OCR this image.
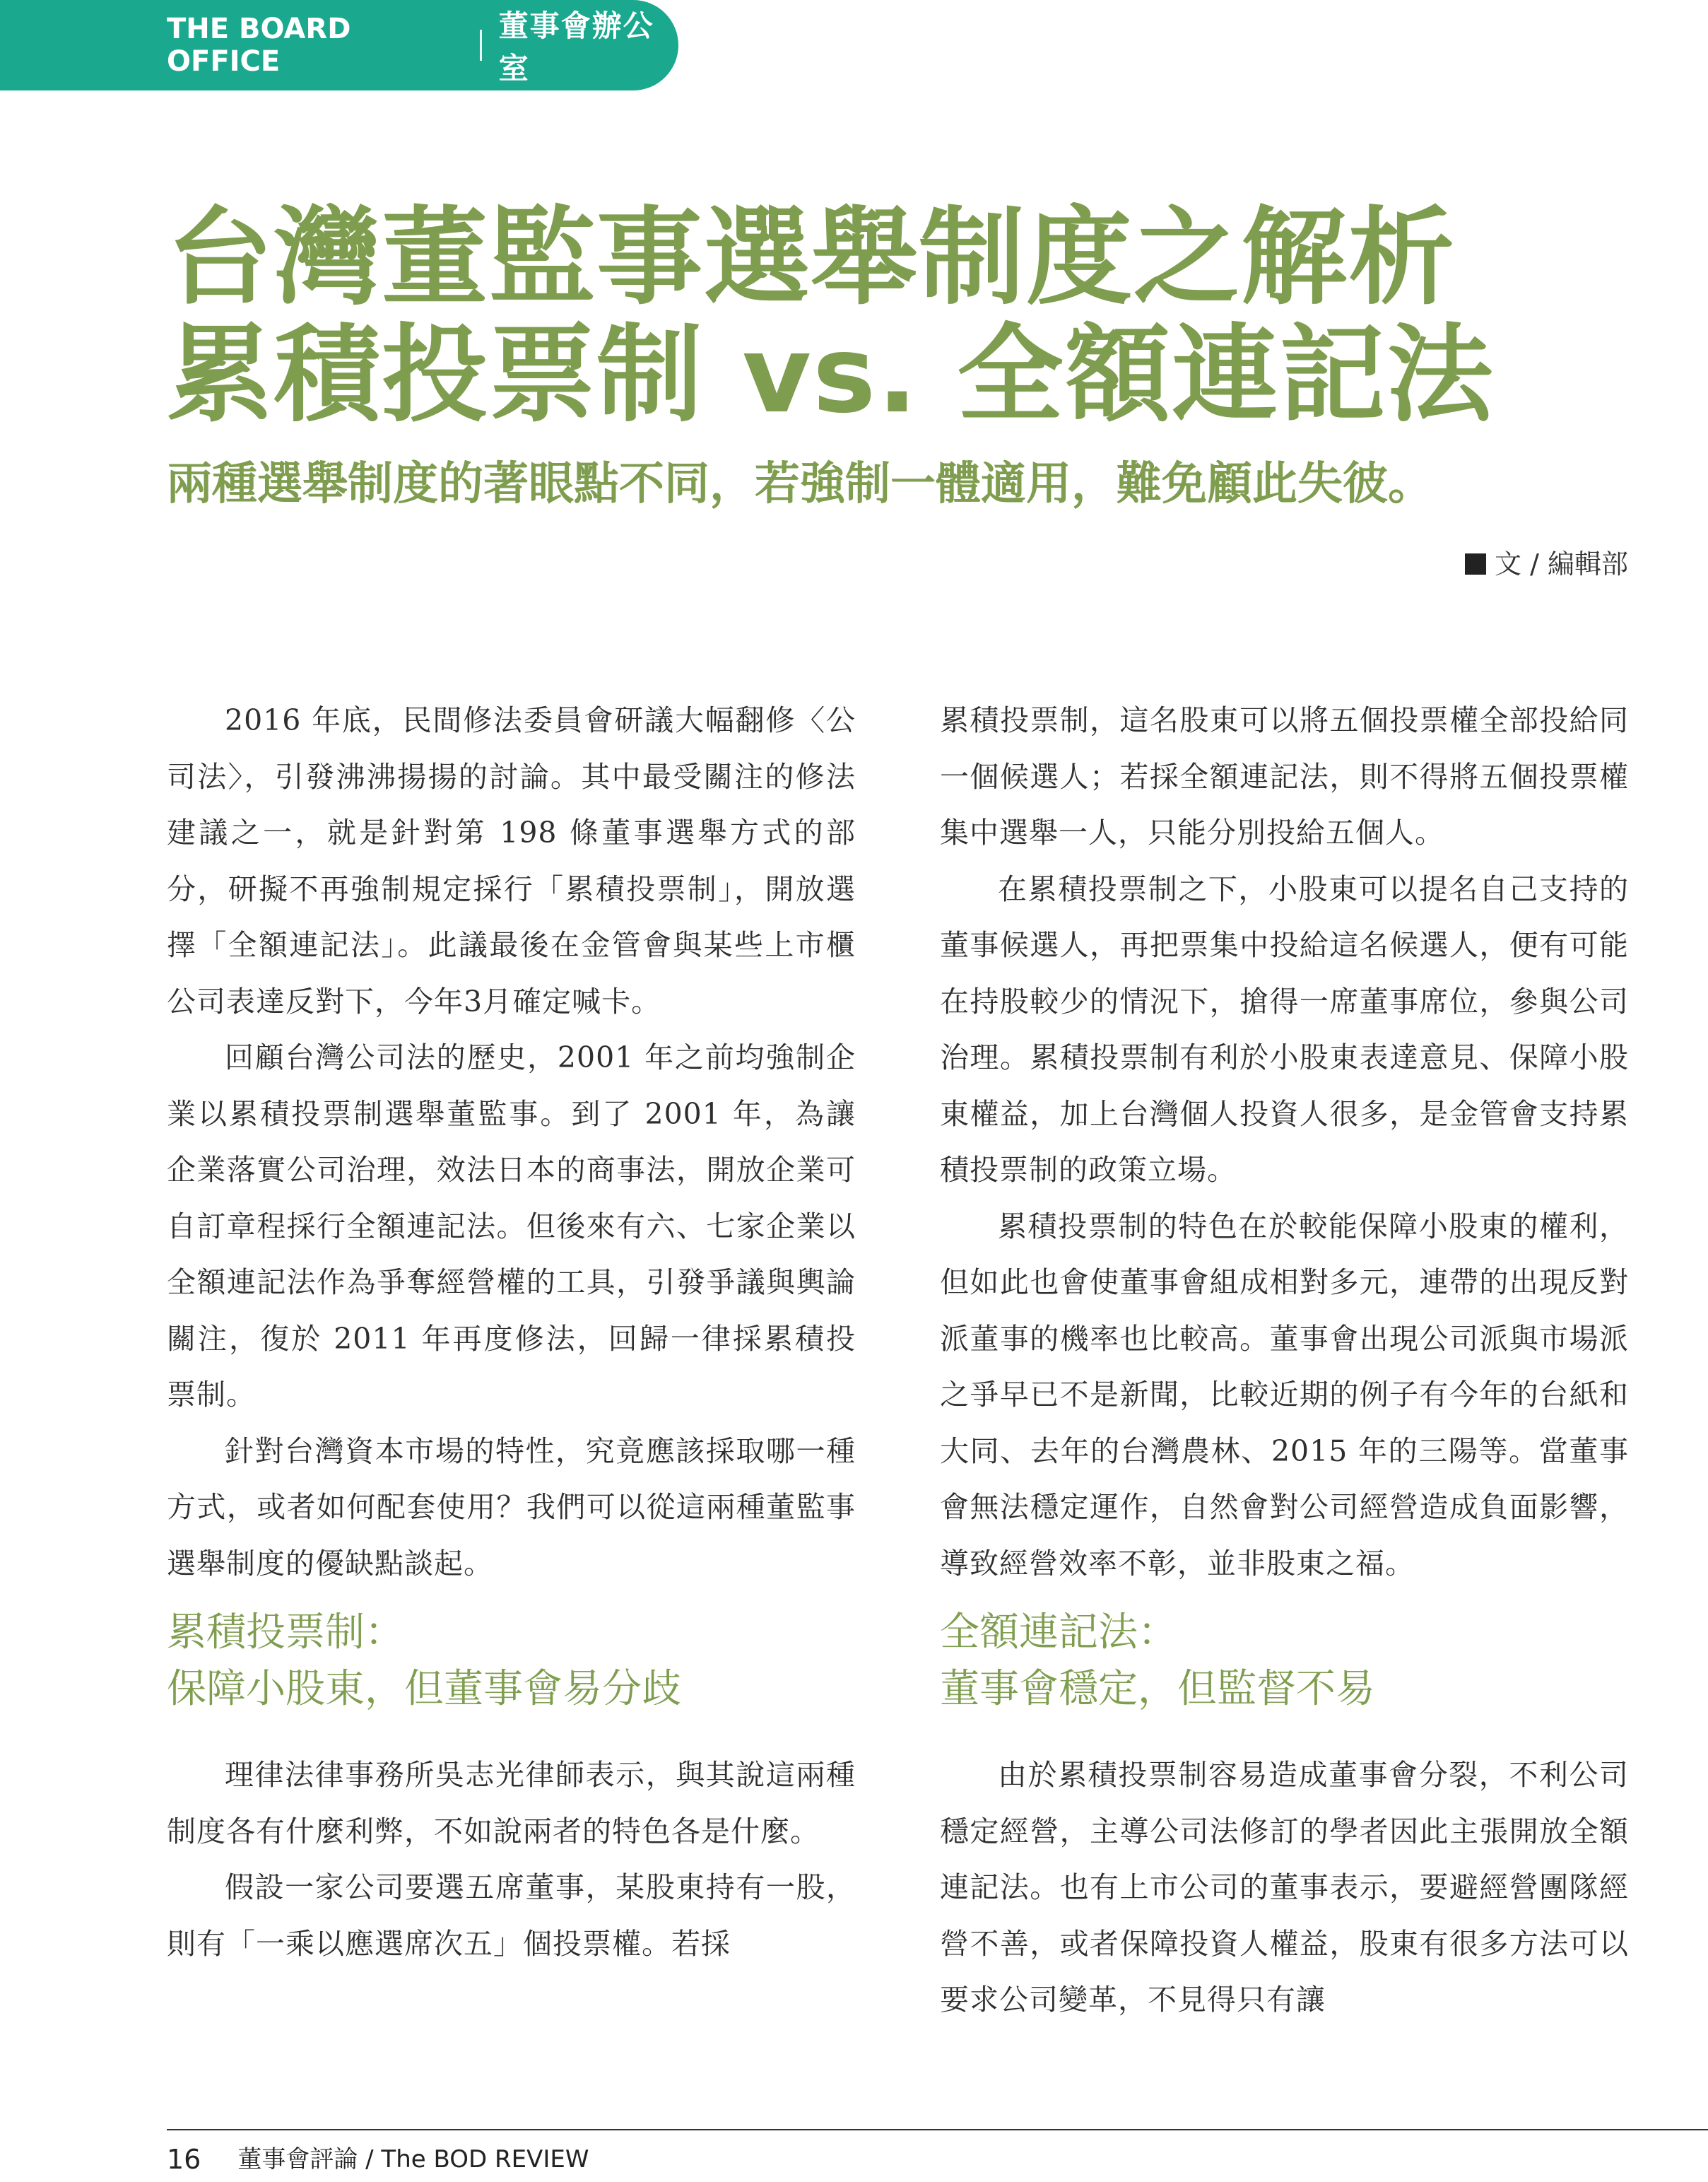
THE BOARD OFFICE
董事會辦公室
台灣董監事選舉制度之解析
累積投票制 vs. 全額連記法
兩種選舉制度的著眼點不同，若強制一體適用，難免顧此失彼。
文 / 編輯部

2016 年底，民間修法委員會研議大幅翻修〈公司法〉，引發沸沸揚揚的討論。其中最受關注的修法建議之一，就是針對第 198 條董事選舉方式的部分，研擬不再強制規定採行「累積投票制」，開放選擇「全額連記法」。此議最後在金管會與某些上市櫃公司表達反對下，今年3月確定喊卡。

回顧台灣公司法的歷史，2001 年之前均強制企業以累積投票制選舉董監事。到了 2001 年，為讓企業落實公司治理，效法日本的商事法，開放企業可自訂章程採行全額連記法。但後來有六、七家企業以全額連記法作為爭奪經營權的工具，引發爭議與輿論關注，復於 2011 年再度修法，回歸一律採累積投票制。

針對台灣資本市場的特性，究竟應該採取哪一種方式，或者如何配套使用？我們可以從這兩種董監事選舉制度的優缺點談起。

累積投票制：
保障小股東，但董事會易分歧

理律法律事務所吳志光律師表示，與其說這兩種制度各有什麼利弊，不如說兩者的特色各是什麼。

假設一家公司要選五席董事，某股東持有一股，則有「一乘以應選席次五」個投票權。若採

累積投票制，這名股東可以將五個投票權全部投給同一個候選人；若採全額連記法，則不得將五個投票權集中選舉一人，只能分別投給五個人。

在累積投票制之下，小股東可以提名自己支持的董事候選人，再把票集中投給這名候選人，便有可能在持股較少的情況下，搶得一席董事席位，參與公司治理。累積投票制有利於小股東表達意見、保障小股東權益，加上台灣個人投資人很多，是金管會支持累積投票制的政策立場。

累積投票制的特色在於較能保障小股東的權利，但如此也會使董事會組成相對多元，連帶的出現反對派董事的機率也比較高。董事會出現公司派與市場派之爭早已不是新聞，比較近期的例子有今年的台紙和大同、去年的台灣農林、2015 年的三陽等。當董事會無法穩定運作，自然會對公司經營造成負面影響，導致經營效率不彰，並非股東之福。

全額連記法：
董事會穩定，但監督不易

由於累積投票制容易造成董事會分裂，不利公司穩定經營，主導公司法修訂的學者因此主張開放全額連記法。也有上市公司的董事表示，要避經營團隊經營不善，或者保障投資人權益，股東有很多方法可以要求公司變革，不見得只有讓

16 董事會評論 / The BOD REVIEW
